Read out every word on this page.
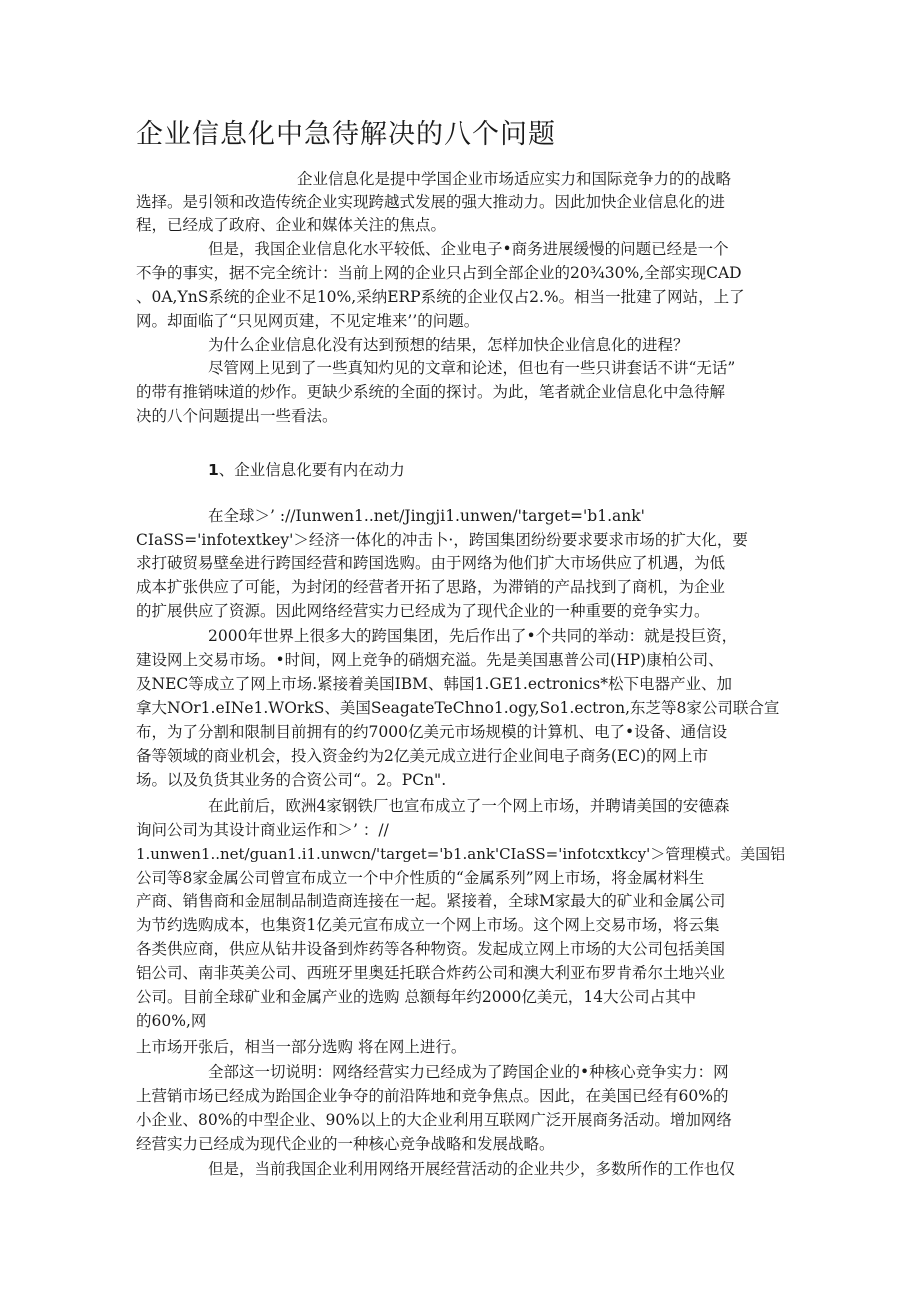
企业信息化中急待解决的八个问题
企业信息化是提中学国企业市场适应实力和国际竞争力的的战略
选择。是引领和改造传统企业实现跨越式发展的强大推动力。因此加快企业信息化的进
程，已经成了政府、企业和媒体关注的焦点。
但是，我国企业信息化水平较低、企业电子•商务进展缓慢的问题已经是一个
不争的事实，据不完全统计：当前上网的企业只占到全部企业的20¾30%,全部实现CAD
、0A,YnS系统的企业不足10%,采纳ERP系统的企业仅占2.%。相当一批建了网站，上了
网。却面临了“只见网页建，不见定堆来’’的问题。
为什么企业信息化没有达到预想的结果，怎样加快企业信息化的进程？
尽管网上见到了一些真知灼见的文章和论述，但也有一些只讲套话不讲“无话”
的带有推销味道的炒作。更缺少系统的全面的探讨。为此，笔者就企业信息化中急待解
决的八个问题提出一些看法。
1、企业信息化要有内在动力
在全球＞’ ://Iunwen1..net/Jingji1.unwen/'target='b1.ank'
CIaSS='infotextkey'＞经济一体化的冲击卜·，跨国集团纷纷要求要求市场的扩大化，要
求打破贸易壁垒进行跨国经营和跨国选购。由于网络为他们扩大市场供应了机遇，为低
成本扩张供应了可能，为封闭的经营者开拓了思路，为滞销的产品找到了商机，为企业
的扩展供应了资源。因此网络经营实力已经成为了现代企业的一种重要的竞争实力。
2000年世界上很多大的跨国集团，先后作出了•个共同的举动：就是投巨资，
建设网上交易市场。•时间，网上竞争的硝烟充溢。先是美国惠普公司(HP)康柏公司、
及NEC等成立了网上市场.紧接着美国IBM、韩国1.GE1.ectronics*松下电器产业、加
拿大NOr1.eINe1.WOrkS、美国SeagateTeChno1.ogy,So1.ectron,东芝等8家公司联合宣
布，为了分割和限制目前拥有的约7000亿美元市场规模的计算机、电了•设备、通信设
备等领域的商业机会，投入资金约为2亿美元成立进行企业间电子商务(EC)的网上市
场。以及负货其业务的合资公司“。2。PCn".
在此前后，欧洲4家钢铁厂也宣布成立了一个网上市场，并聘请美国的安德森
询问公司为其设计商业运作和＞’ ：//
1.unwen1..net/guan1.i1.unwcn/'target='b1.ank'CIaSS='infotcxtkcy'＞管理模式。美国铝
公司等8家金属公司曾宣布成立一个中介性质的“金属系列”网上市场，将金属材料生
产商、销售商和金屈制品制造商连接在一起。紧接着，全球M家最大的矿业和金属公司
为节约选购成本，也集资1亿美元宣布成立一个网上市场。这个网上交易市场，将云集
各类供应商，供应从钻井设备到炸药等各种物资。发起成立网上市场的大公司包括美国
铝公司、南非英美公司、西班牙里奥廷托联合炸药公司和澳大利亚布罗肯希尔土地兴业
公司。目前全球矿业和金属产业的选购 总额每年约2000亿美元，14大公司占其中
的60%,网
上市场开张后，相当一部分选购 将在网上进行。
全部这一切说明：网络经营实力已经成为了跨国企业的•种核心竞争实力：网
上营销市场已经成为跆国企业争夺的前沿阵地和竞争焦点。因此，在美国已经有60%的
小企业、80%的中型企业、90%以上的大企业利用互联网广泛开展商务活动。增加网络
经营实力已经成为现代企业的一种核心竞争战略和发展战略。
但是，当前我国企业利用网络开展经营活动的企业共少，多数所作的工作也仅
